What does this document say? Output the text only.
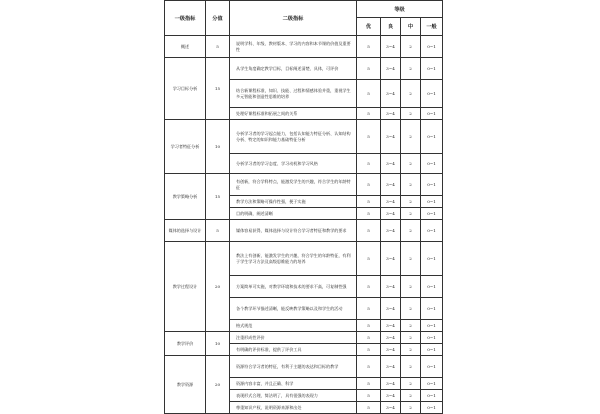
一级指标	分值	二级指标	等级			
			优	良	中	一般
概述	5	说明学科、年级、教材版本、学习的内容和本节课的价值及重要性	5	3~4	2	0~1
学习目标分析	15	从学生角度确定教学目标，目标阐述清楚、具体，可评价	5	3~4	2	0~1
		结合新课程标准，知识、技能、过程和情感体验并重，重视学生多元智能和创造性思维的培养	5	3~4	2	0~1
		处理好课程标准和拓展之间的关系	5	3~4	2	0~1
学习者特征分析	10	分析学习者的学习起点能力，包括认知能力特征分析、认知结构分析、特定的知识和能力基础特征分析	5	3~4	2	0~1
		分析学习者的学习态度、学习动机和学习风格	5	3~4	2	0~1
教学策略分析	15	有创新，符合学科特点，能激发学生的兴趣，符合学生的年龄特征	5	3~4	2	0~1
		教学方法和策略可操作性强，便于实施	5	3~4	2	0~1
		目的明确，阐述清晰	5	3~4	2	0~1
媒体的选择与设计	5	媒体容易获得，媒体选择与设计符合学习者特征和教学的要求	5	3~4	2	0~1
教学过程设计	20	教法上有创新，能激发学生的兴趣，符合学生的年龄特征，有利于学生学习方法及高级思维能力的培养	5	3~4	2	0~1
		方案简单可实施，对教学环境和技术的要求不高，可复制性强	5	3~4	2	0~1
		各个教学环节描述清晰，能反映教学策略以及和学生的活动	5	3~4	2	0~1
		格式规范	5	3~4	2	0~1
教学评价	10	注重形成性评价	5	3~4	2	0~1
		有明确的评价标准，提供了评价工具	5	3~4	2	0~1
教学资源	20	资源符合学习者的特征，有利于主题的表达和目标的教学	5	3~4	2	0~1
		资源内容丰富，并且正确、科学	5	3~4	2	0~1
		表现形式合理，简洁明了，具有很强的表现力	5	3~4	2	0~1
		尊重知识产权，说明资源来源和出处	5	3~4	2	0~1
